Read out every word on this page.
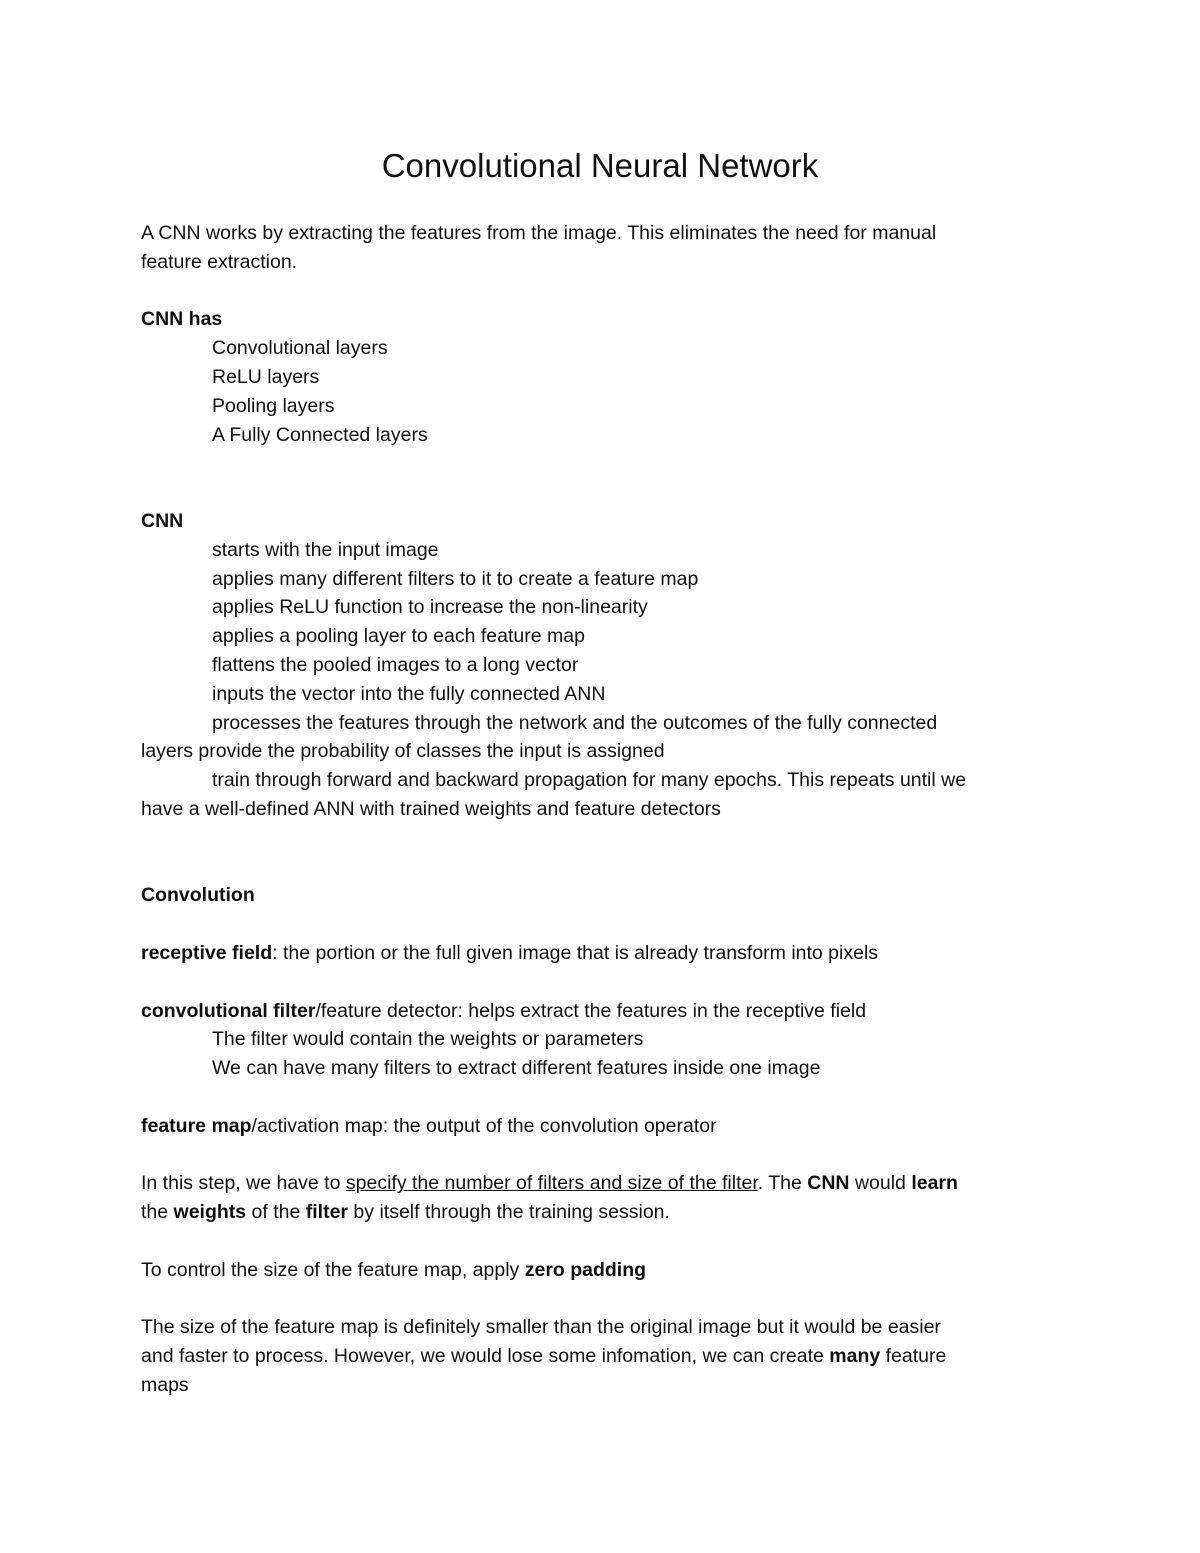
Convolutional Neural Network
A CNN works by extracting the features from the image. This eliminates the need for manual
feature extraction.
CNN has
Convolutional layers
ReLU layers
Pooling layers
A Fully Connected layers
CNN
starts with the input image
applies many different filters to it to create a feature map
applies ReLU function to increase the non-linearity
applies a pooling layer to each feature map
flattens the pooled images to a long vector
inputs the vector into the fully connected ANN
processes the features through the network and the outcomes of the fully connected
layers provide the probability of classes the input is assigned
train through forward and backward propagation for many epochs. This repeats until we
have a well-defined ANN with trained weights and feature detectors
Convolution
receptive field: the portion or the full given image that is already transform into pixels
convolutional filter/feature detector: helps extract the features in the receptive field
The filter would contain the weights or parameters
We can have many filters to extract different features inside one image
feature map/activation map: the output of the convolution operator
In this step, we have to specify the number of filters and size of the filter. The CNN would learn
the weights of the filter by itself through the training session.
To control the size of the feature map, apply zero padding
The size of the feature map is definitely smaller than the original image but it would be easier
and faster to process. However, we would lose some infomation, we can create many feature
maps
